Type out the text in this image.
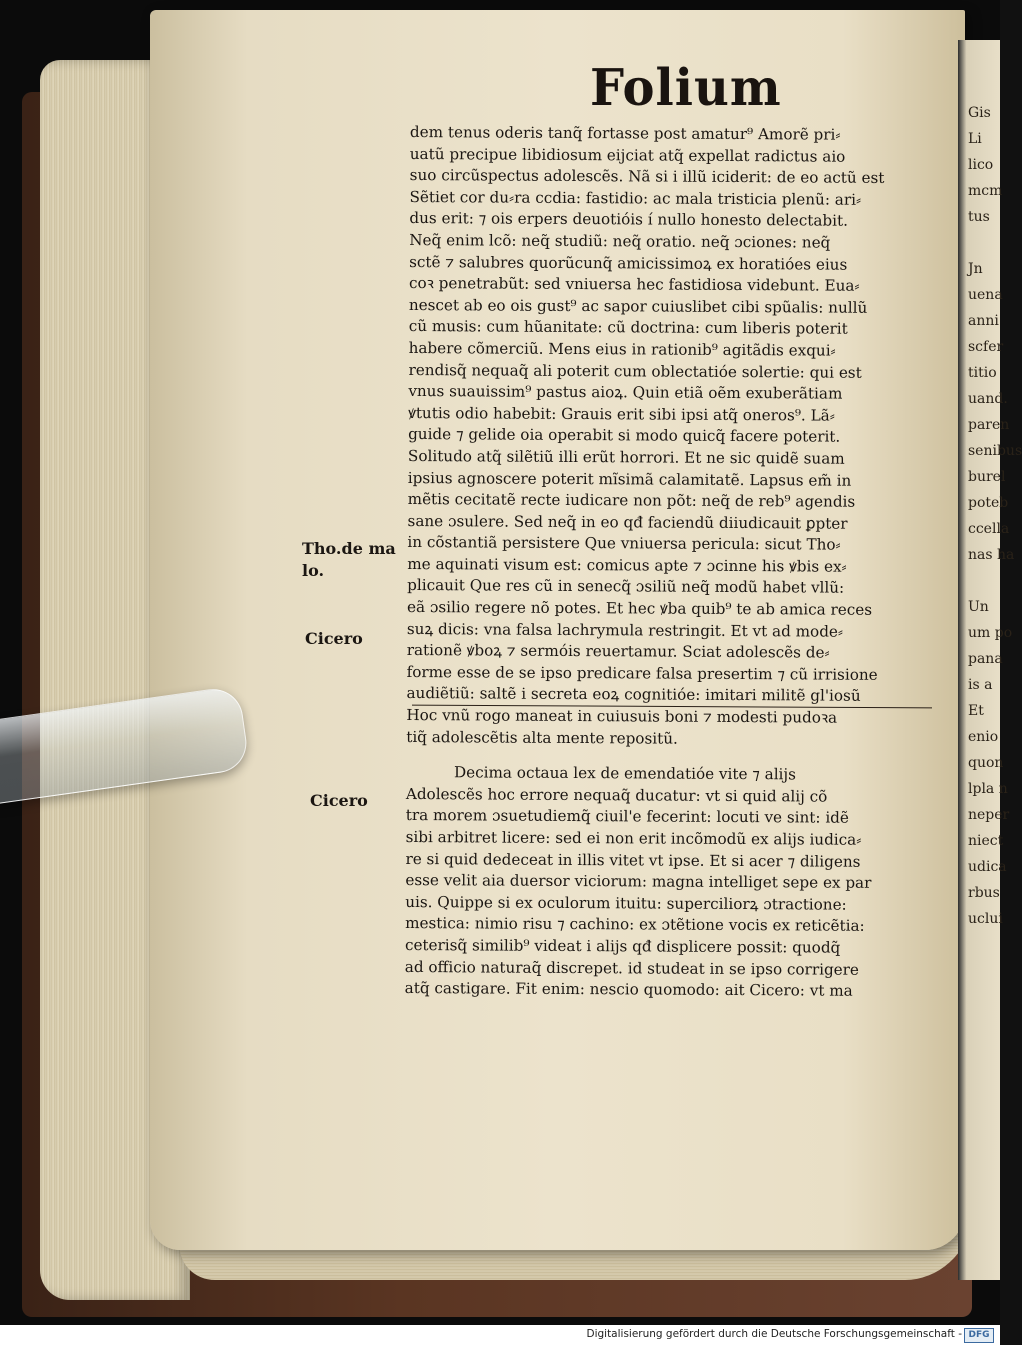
Gis
Li
lico
mcm
tus

Jn
uena
anni
scfer
titio
uand.
paren
senibus
burel
poteb
ccella
nas ha

Un
um po
pana
is a
Et
enio
quon
lpla n
neper
niect
udica
rbus
uclui
Folium
dem tenus oderis tanq̃ fortasse post amatur⁹ Amorẽ pri⸗
uatũ precipue libidiosum eijciat atq̃ expellat radictus aio
suo circũspectus adolescẽs. Nã si i illũ iciderit: de eo actũ est
Sẽtiet cor du⸗ra ccdia: fastidio: ac mala tristicia plenũ: ari⸗
dus erit: ⁊ ois erpers deuotióis í nullo honesto delectabit.
Neq̃ enim lcõ: neq̃ studiũ: neq̃ oratio. neq̃ ɔciones: neq̃
sctẽ ⁊ salubres quorũcunq̃ amicissimoꝝ ex horatióes eius
coꝛ penetrabũt: sed vniuersa hec fastidiosa videbunt. Eua⸗
nescet ab eo ois gust⁹ ac sapor cuiuslibet cibi spũalis: nullũ
cũ musis: cum hũanitate: cũ doctrina: cum liberis poterit
habere cõmerciũ. Mens eius in rationib⁹ agitãdis exqui⸗
rendisq̃ nequaq̃ ali poterit cum oblectatióe solertie: qui est
vnus suauissim⁹ pastus aioꝝ. Quin etiã oẽm exuberãtiam
ꝟtutis odio habebit: Grauis erit sibi ipsi atq̃ oneros⁹. Lã⸗
guide ⁊ gelide oia operabit si modo quicq̃ facere poterit.
Solitudo atq̃ silẽtiũ illi erũt horrori. Et ne sic quidẽ suam
ipsius agnoscere poterit mĩsimã calamitatẽ. Lapsus em̃ in
mẽtis cecitatẽ recte iudicare non põt: neq̃ de reb⁹ agendis
sane ɔsulere. Sed neq̃ in eo qđ faciendũ diiudicauit ꝑpter
in cõstantiã persistere Que vniuersa pericula: sicut Tho⸗
me aquinati visum est: comicus apte ⁊ ɔcinne his ꝟbis ex⸗
plicauit Que res cũ in senecq̃ ɔsiliũ neq̃ modũ habet vllũ:
eã ɔsilio regere nõ potes. Et hec ꝟba quib⁹ te ab amica reces
suꝝ dicis: vna falsa lachrymula restringit. Et vt ad mode⸗
rationẽ ꝟboꝝ ⁊ sermóis reuertamur. Sciat adolescẽs de⸗
forme esse de se ipso predicare falsa presertim ⁊ cũ irrisione
audiẽtiũ: saltẽ i secreta eoꝝ cognitióe: imitari militẽ gl'iosũ
Hoc vnũ rogo maneat in cuiusuis boni ⁊ modesti pudoꝛa
tiq̃ adolescẽtis alta mente repositũ.
Decima octaua lex de emendatióe vite ⁊ alijs
Adolescẽs hoc errore nequaq̃ ducatur: vt si quid alij cõ
tra morem ɔsuetudiemq̃ ciuil'e fecerint: locuti ve sint: idẽ
sibi arbitret licere: sed ei non erit incõmodũ ex alijs iudica⸗
re si quid dedeceat in illis vitet vt ipse. Et si acer ⁊ diligens
esse velit aia duersor viciorum: magna intelliget sepe ex par
uis. Quippe si ex oculorum ituitu: superciliorꝝ ɔtractione:
mestica: nimio risu ⁊ cachino: ex ɔtẽtione vocis ex reticẽtia:
ceterisq̃ similib⁹ videat i alijs qđ displicere possit: quodq̃
ad officio naturaq̃ discrepet. id studeat in se ipso corrigere
atq̃ castigare. Fit enim: nescio quomodo: ait Cicero: vt ma
Tho.de ma
lo.
Cicero
Cicero
Digitalisierung gefördert durch die Deutsche Forschungsgemeinschaft - DFG
